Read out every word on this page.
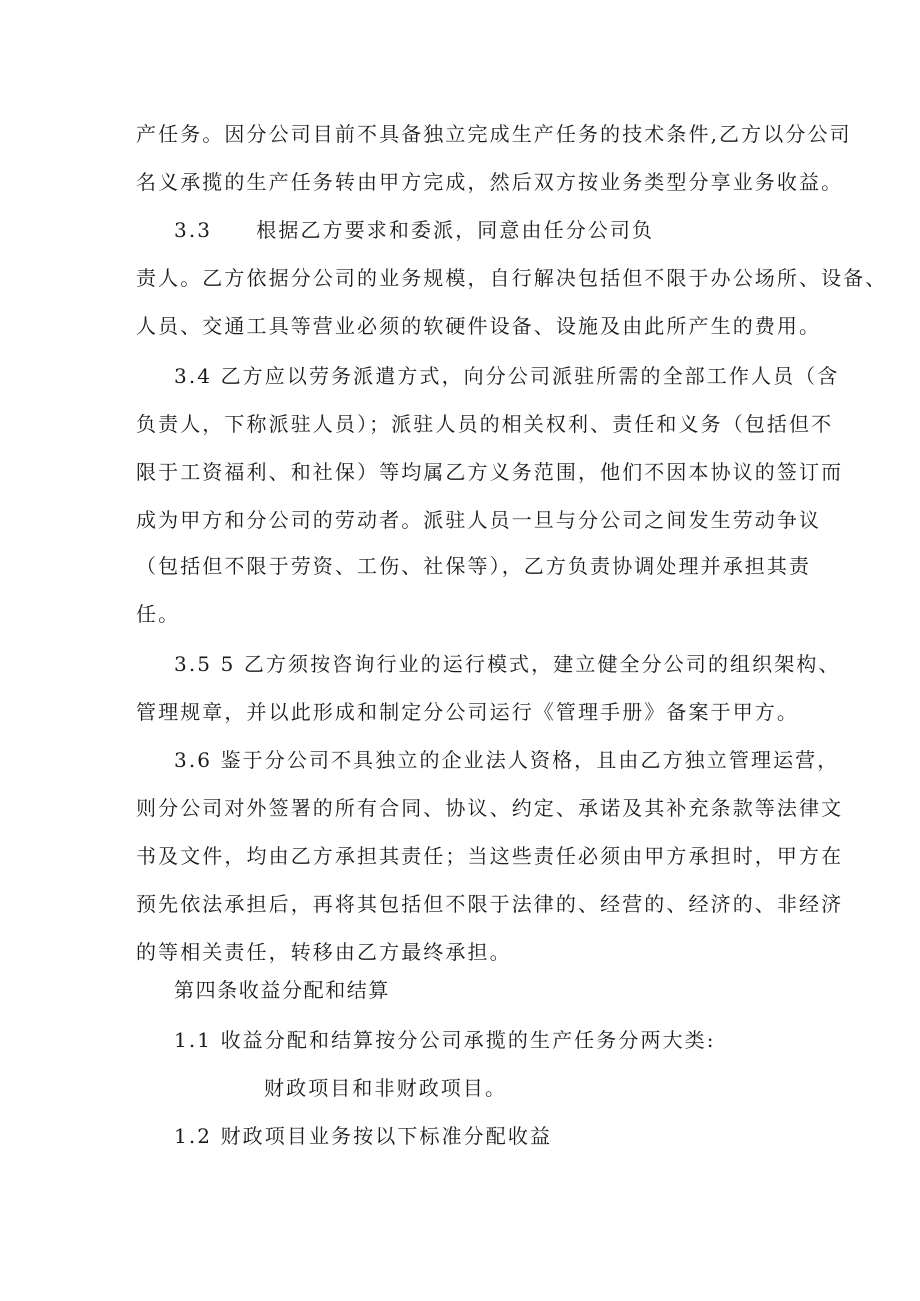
产任务。因分公司目前不具备独立完成生产任务的技术条件,乙方以分公司
名义承揽的生产任务转由甲方完成，然后双方按业务类型分享业务收益。
3.3　　根据乙方要求和委派，同意由任分公司负
责人。乙方依据分公司的业务规模，自行解决包括但不限于办公场所、设备、
人员、交通工具等营业必须的软硬件设备、设施及由此所产生的费用。
3.4 乙方应以劳务派遣方式，向分公司派驻所需的全部工作人员（含
负责人，下称派驻人员）；派驻人员的相关权利、责任和义务（包括但不
限于工资福利、和社保）等均属乙方义务范围，他们不因本协议的签订而
成为甲方和分公司的劳动者。派驻人员一旦与分公司之间发生劳动争议
（包括但不限于劳资、工伤、社保等），乙方负责协调处理并承担其责
任。
3.5 5 乙方须按咨询行业的运行模式，建立健全分公司的组织架构、
管理规章，并以此形成和制定分公司运行《管理手册》备案于甲方。
3.6 鉴于分公司不具独立的企业法人资格，且由乙方独立管理运营，
则分公司对外签署的所有合同、协议、约定、承诺及其补充条款等法律文
书及文件，均由乙方承担其责任；当这些责任必须由甲方承担时，甲方在
预先依法承担后，再将其包括但不限于法律的、经营的、经济的、非经济
的等相关责任，转移由乙方最终承担。
第四条收益分配和结算
1.1 收益分配和结算按分公司承揽的生产任务分两大类:
财政项目和非财政项目。
1.2 财政项目业务按以下标准分配收益
